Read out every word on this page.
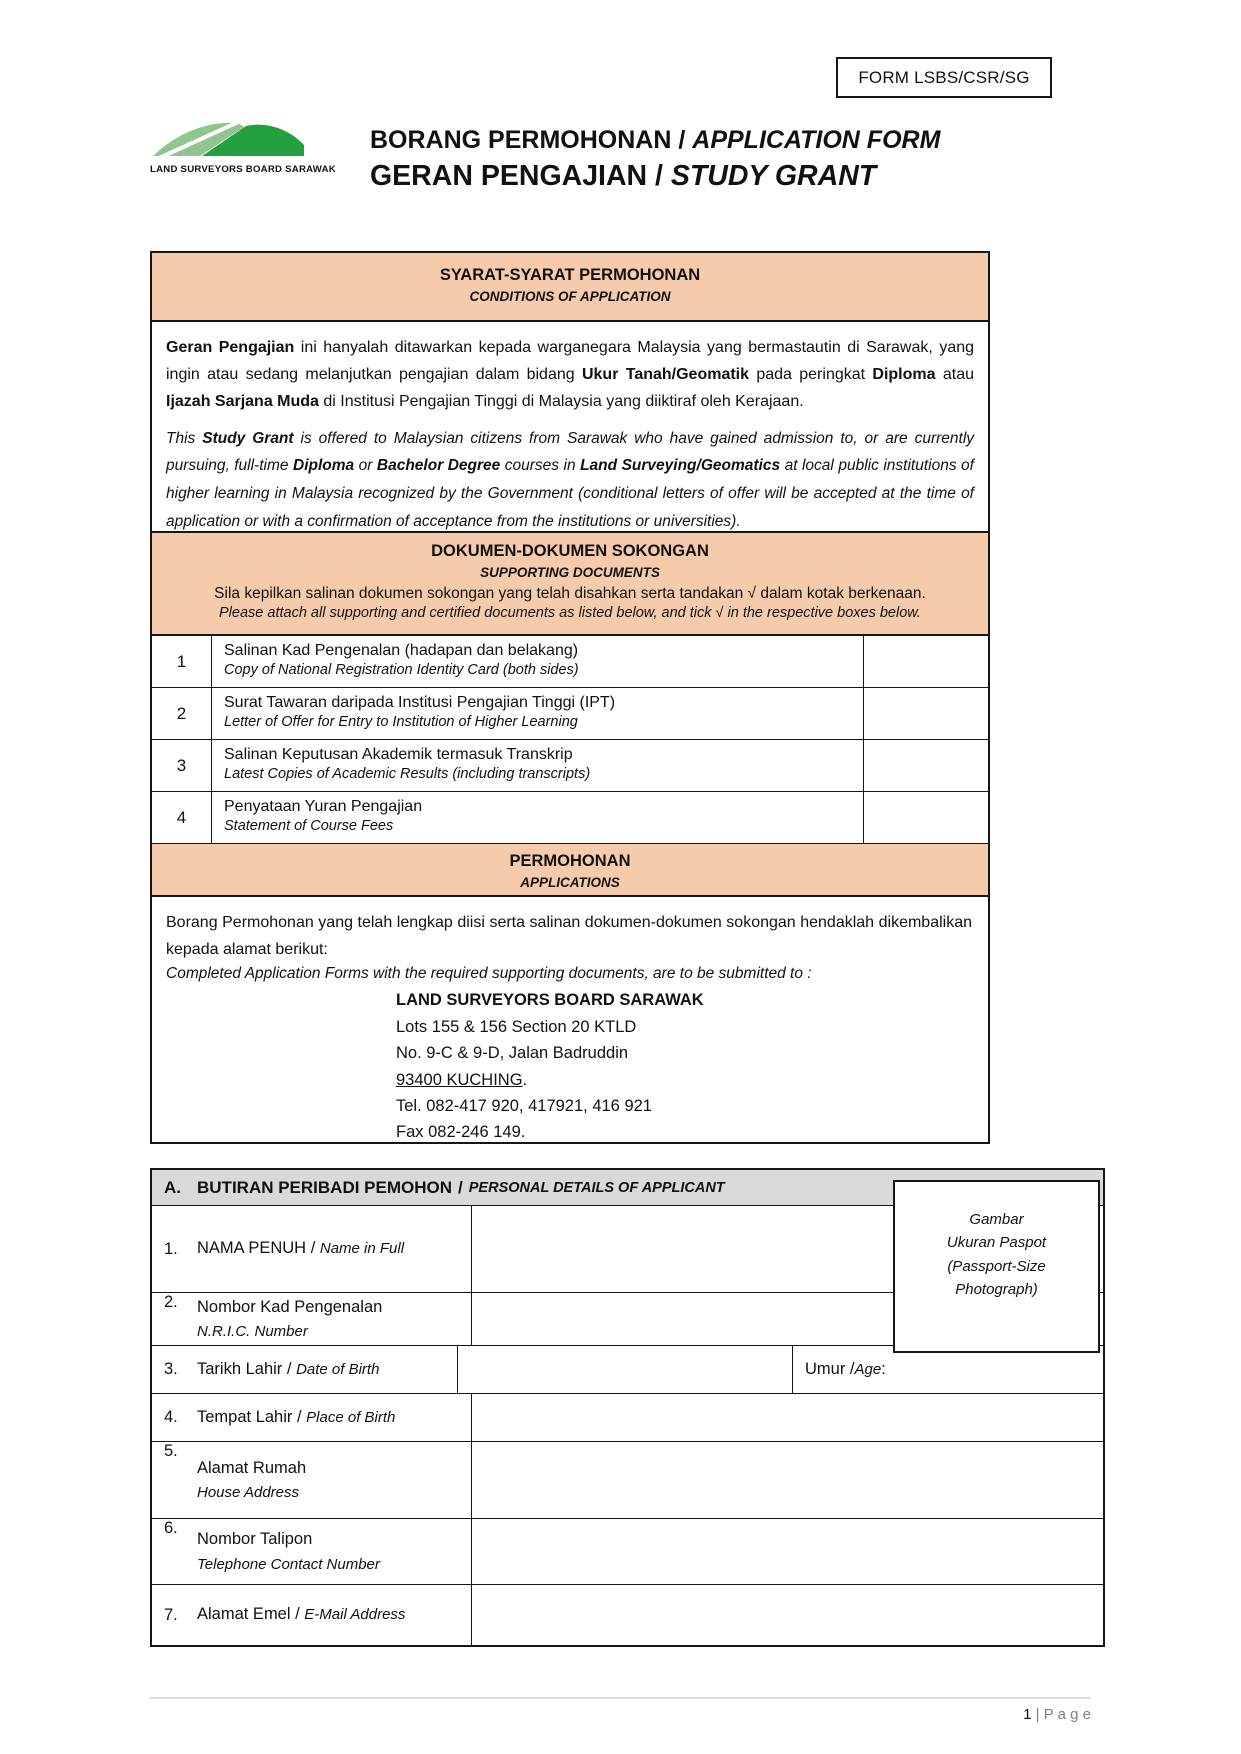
FORM LSBS/CSR/SG
LAND SURVEYORS BOARD SARAWAK
BORANG PERMOHONAN / APPLICATION FORM
GERAN PENGAJIAN / STUDY GRANT
SYARAT-SYARAT PERMOHONAN
CONDITIONS OF APPLICATION
Geran Pengajian ini hanyalah ditawarkan kepada warganegara Malaysia yang bermastautin di Sarawak, yang ingin atau sedang melanjutkan pengajian dalam bidang Ukur Tanah/Geomatik pada peringkat Diploma atau Ijazah Sarjana Muda di Institusi Pengajian Tinggi di Malaysia yang diiktiraf oleh Kerajaan.
This Study Grant is offered to Malaysian citizens from Sarawak who have gained admission to, or are currently pursuing, full-time Diploma or Bachelor Degree courses in Land Surveying/Geomatics at local public institutions of higher learning in Malaysia recognized by the Government (conditional letters of offer will be accepted at the time of application or with a confirmation of acceptance from the institutions or universities).
DOKUMEN-DOKUMEN SOKONGAN
SUPPORTING DOCUMENTS
Sila kepilkan salinan dokumen sokongan yang telah disahkan serta tandakan √ dalam kotak berkenaan.
Please attach all supporting and certified documents as listed below, and tick √ in the respective boxes below.
1
Salinan Kad Pengenalan (hadapan dan belakang)
Copy of National Registration Identity Card (both sides)
2
Surat Tawaran daripada Institusi Pengajian Tinggi (IPT)
Letter of Offer for Entry to Institution of Higher Learning
3
Salinan Keputusan Akademik termasuk Transkrip
Latest Copies of Academic Results (including transcripts)
4
Penyataan Yuran Pengajian
Statement of Course Fees
PERMOHONAN
APPLICATIONS
Borang Permohonan yang telah lengkap diisi serta salinan dokumen-dokumen sokongan hendaklah dikembalikan kepada alamat berikut:
Completed Application Forms with the required supporting documents, are to be submitted to :
LAND SURVEYORS BOARD SARAWAK
Lots 155 & 156 Section 20 KTLD
No. 9-C & 9-D, Jalan Badruddin
93400 KUCHING.
Tel. 082-417 920, 417921, 416 921
Fax 082-246 149.
A. BUTIRAN PERIBADI PEMOHON / PERSONAL DETAILS OF APPLICANT
1.	NAMA PENUH / Name in Full
2.	Nombor Kad Pengenalan
N.R.I.C. Number
3.	Tarikh Lahir / Date of Birth	Umur / Age :
4.	Tempat Lahir / Place of Birth
5.
Alamat Rumah
House Address
6.
Nombor Talipon
Telephone Contact Number
7.	Alamat Emel / E-Mail Address
Gambar
Ukuran Paspot
(Passport-Size
Photograph)
1 | P a g e
